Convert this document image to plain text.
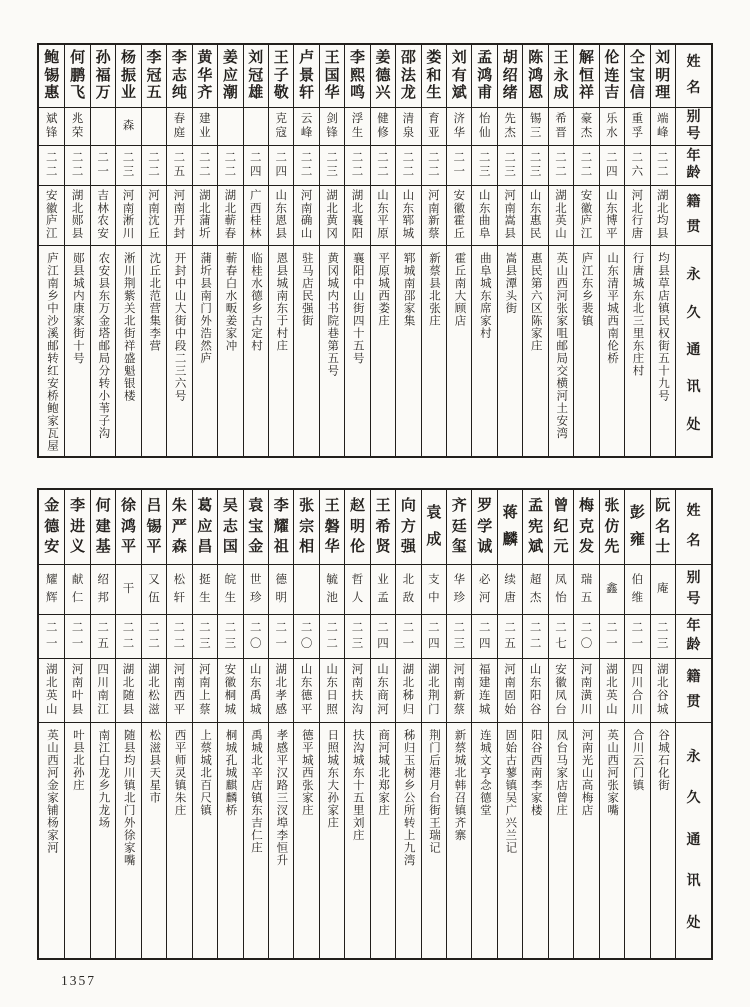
姓
名
别
号
年
龄
籍
贯
永
久
通
讯
处
刘
明
理
端
峰
二
二
湖
北
均
县
均县草店镇民权街五十九号
仝
宝
信
重
孚
二
六
河
北
行
唐
行唐城东北三里东庄村
伦
连
吉
乐
水
二
四
山
东
博
平
山东清平城西南伦桥
解
恒
祥
豪
杰
二
二
安
徽
庐
江
庐江东乡裴镇
王
永
成
希
晋
二
二
湖
北
英
山
英山西河张家咀邮局交横河土安湾
陈
鸿
恩
锡
三
二
三
山
东
惠
民
惠民第六区陈家庄
胡
绍
绪
先
杰
二
三
河
南
嵩
县
嵩县潭头街
孟
鸿
甫
怡
仙
二
三
山
东
曲
阜
曲阜城东席家村
刘
有
斌
济
华
二
一
安
徽
霍
丘
霍丘南大顾店
娄
和
生
育
亚
二
二
河
南
新
蔡
新蔡县北张庄
邵
法
龙
清
泉
二
二
山
东
郓
城
郓城南邵家集
姜
德
兴
健
修
二
二
山
东
平
原
平原城西娄庄
李
熙
鸣
浮
生
二
二
湖
北
襄
阳
襄阳中山街四十五号
王
国
华
剑
锋
二
三
湖
北
黄
冈
黄冈城内书院巷第五号
卢
景
轩
云
峰
二
二
河
南
确
山
驻马店民强街
王
子
敬
克
寇
二
四
山
东
恩
县
恩县城南东于村庄
刘
冠
雄
二
四
广
西
桂
林
临桂水德乡古定村
姜
应
潮
二
二
湖
北
蕲
春
蕲春白水畈姜家冲
黄
华
齐
建
业
二
二
湖
北
蒲
圻
蒲圻县南门外浩然庐
李
志
纯
春
庭
二
五
河
南
开
封
开封中山大街中段二三六号
李
冠
五
二
二
河
南
沈
丘
沈丘北范营集李营
杨
振
业
森
二
三
河
南
淅
川
淅川荆紫关北街祥盛魁银楼
孙
福
万
二
一
吉
林
农
安
农安县东万金塔邮局分转小苇子沟
何
鹏
飞
兆
荣
二
二
湖
北
郧
县
郧县城内康家街十号
鲍
锡
惠
斌
锋
二
二
安
徽
庐
江
庐江南乡中沙溪邮转红安桥鲍家瓦屋
姓
名
别
号
年
龄
籍
贯
永
久
通
讯
处
阮
名
士
庵
二
三
湖
北
谷
城
谷城石化街
彭
雍
伯
维
二
一
四
川
合
川
合川云门镇
张
仿
先
鑫
二
一
湖
北
英
山
英山西河张家嘴
梅
克
发
瑞
五
二
〇
河
南
潢
川
河南光山高梅店
曾
纪
元
凤
怡
二
七
安
徽
凤
台
凤台马家店曾庄
孟
宪
斌
超
杰
二
二
山
东
阳
谷
阳谷西南李家楼
蒋
麟
续
唐
二
五
河
南
固
始
固始古蓼镇吴广兴兰记
罗
学
诚
必
河
二
四
福
建
连
城
连城文亨念德堂
齐
廷
玺
华
珍
二
三
河
南
新
蔡
新蔡城北韩召镇齐寨
袁
成
支
中
二
四
湖
北
荆
门
荆门后港月台街王瑞记
向
方
强
北
敌
二
一
湖
北
秭
归
秭归玉树乡公所转上九湾
王
希
贤
业
孟
二
四
山
东
商
河
商河城北郑家庄
赵
明
伦
哲
人
二
三
河
南
扶
沟
扶沟城东十五里刘庄
王
磐
华
毓
池
二
二
山
东
日
照
日照城东大孙家庄
张
宗
相
二
〇
山
东
德
平
德平城西张家庄
李
耀
祖
德
明
二
一
湖
北
孝
感
孝感平汉路三汊埠李恒升
袁
宝
金
世
珍
二
〇
山
东
禹
城
禹城北辛店镇东吉仁庄
吴
志
国
皖
生
二
三
安
徽
桐
城
桐城孔城麒麟桥
葛
应
昌
挺
生
二
三
河
南
上
蔡
上蔡城北百尺镇
朱
严
森
松
轩
二
二
河
南
西
平
西平师灵镇朱庄
吕
锡
平
又
伍
二
二
湖
北
松
滋
松滋县天星市
徐
鸿
平
干
二
二
湖
北
随
县
随县均川镇北门外徐家嘴
何
建
基
绍
邦
二
五
四
川
南
江
南江白龙乡九龙场
李
进
义
献
仁
二
一
河
南
叶
县
叶县北孙庄
金
德
安
耀
辉
二
一
湖
北
英
山
英山西河金家铺杨家河
1357
